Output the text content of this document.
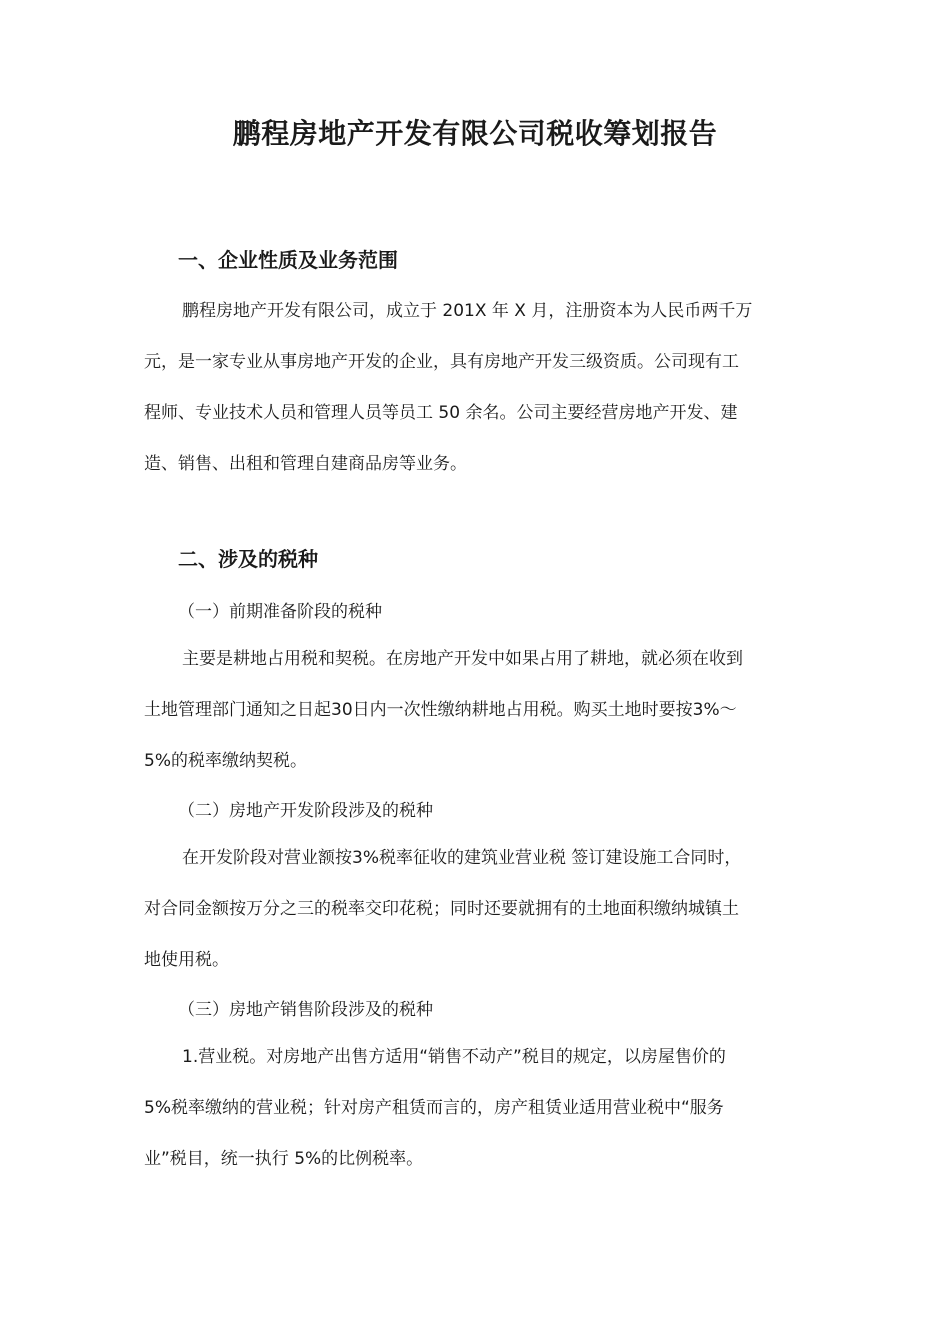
鹏程房地产开发有限公司税收筹划报告
一、企业性质及业务范围

鹏程房地产开发有限公司，成立于 201X 年 X 月，注册资本为人民币两千万
元，是一家专业从事房地产开发的企业，具有房地产开发三级资质。公司现有工
程师、专业技术人员和管理人员等员工 50 余名。公司主要经营房地产开发、建
造、销售、出租和管理自建商品房等业务。

二、涉及的税种

（一）前期准备阶段的税种

主要是耕地占用税和契税。在房地产开发中如果占用了耕地，就必须在收到
土地管理部门通知之日起30日内一次性缴纳耕地占用税。购买土地时要按3%～
5%的税率缴纳契税。

（二）房地产开发阶段涉及的税种

在开发阶段对营业额按3%税率征收的建筑业营业税 签订建设施工合同时，
对合同金额按万分之三的税率交印花税；同时还要就拥有的土地面积缴纳城镇土
地使用税。

（三）房地产销售阶段涉及的税种

1.营业税。对房地产出售方适用“销售不动产”税目的规定，以房屋售价的
5%税率缴纳的营业税；针对房产租赁而言的，房产租赁业适用营业税中“服务
业”税目，统一执行 5%的比例税率。
